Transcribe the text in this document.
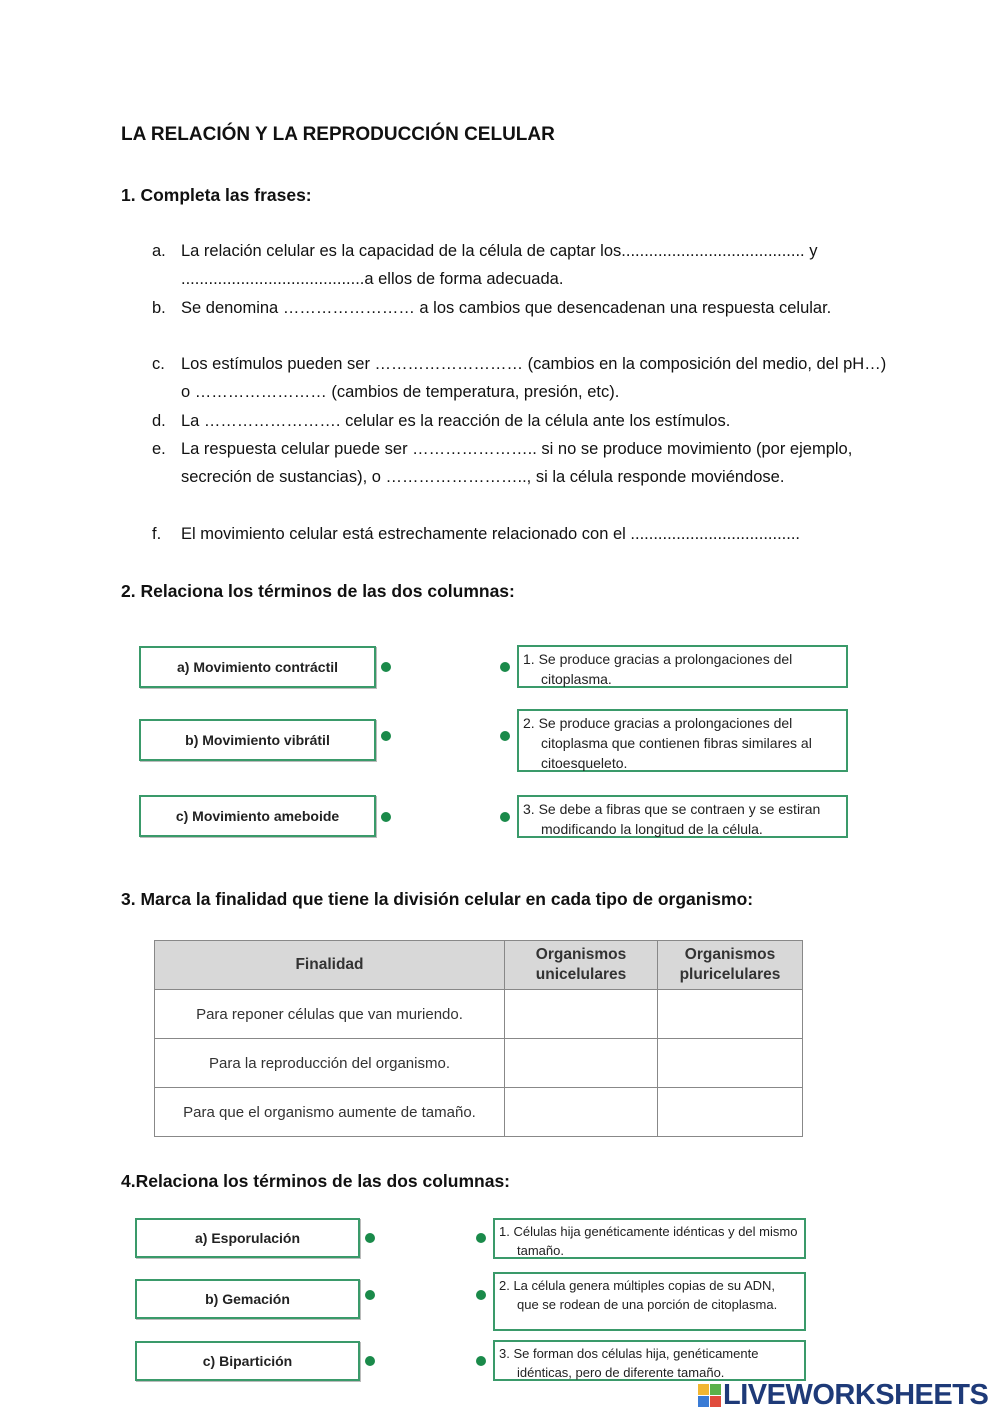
LA RELACIÓN Y LA REPRODUCCIÓN CELULAR
1. Completa las frases:
a. La relación celular es la capacidad de la célula de captar los........................................ y ........................................a ellos de forma adecuada.
b. Se denomina …………………… a los cambios que desencadenan una respuesta celular.
c. Los estímulos pueden ser ……………………… (cambios en la composición del medio, del pH…) o …………………… (cambios de temperatura, presión, etc).
d. La ……………………. celular es la reacción de la célula ante los estímulos.
e. La respuesta celular puede ser ………………….. si no se produce movimiento (por ejemplo, secreción de sustancias), o …………………….., si la célula responde moviéndose.
f. El movimiento celular está estrechamente relacionado con el .....................................
2. Relaciona los términos de las dos columnas:
a) Movimiento contráctil
b) Movimiento vibrátil
c) Movimiento ameboide
1. Se produce gracias a prolongaciones del citoplasma.
2. Se produce gracias a prolongaciones del citoplasma que contienen fibras similares al citoesqueleto.
3. Se debe a fibras que se contraen y se estiran modificando la longitud de la célula.
3. Marca la finalidad que tiene la división celular en cada tipo de organismo:
Finalidad	Organismos unicelulares	Organismos pluricelulares
Para reponer células que van muriendo.		
Para la reproducción del organismo.		
Para que el organismo aumente de tamaño.		
4.Relaciona los términos de las dos columnas:
a) Esporulación
b) Gemación
c) Bipartición
1. Células hija genéticamente idénticas y del mismo tamaño.
2. La célula genera múltiples copias de su ADN, que se rodean de una porción de citoplasma.
3. Se forman dos células hija, genéticamente idénticas, pero de diferente tamaño.
LIVEWORKSHEETS
